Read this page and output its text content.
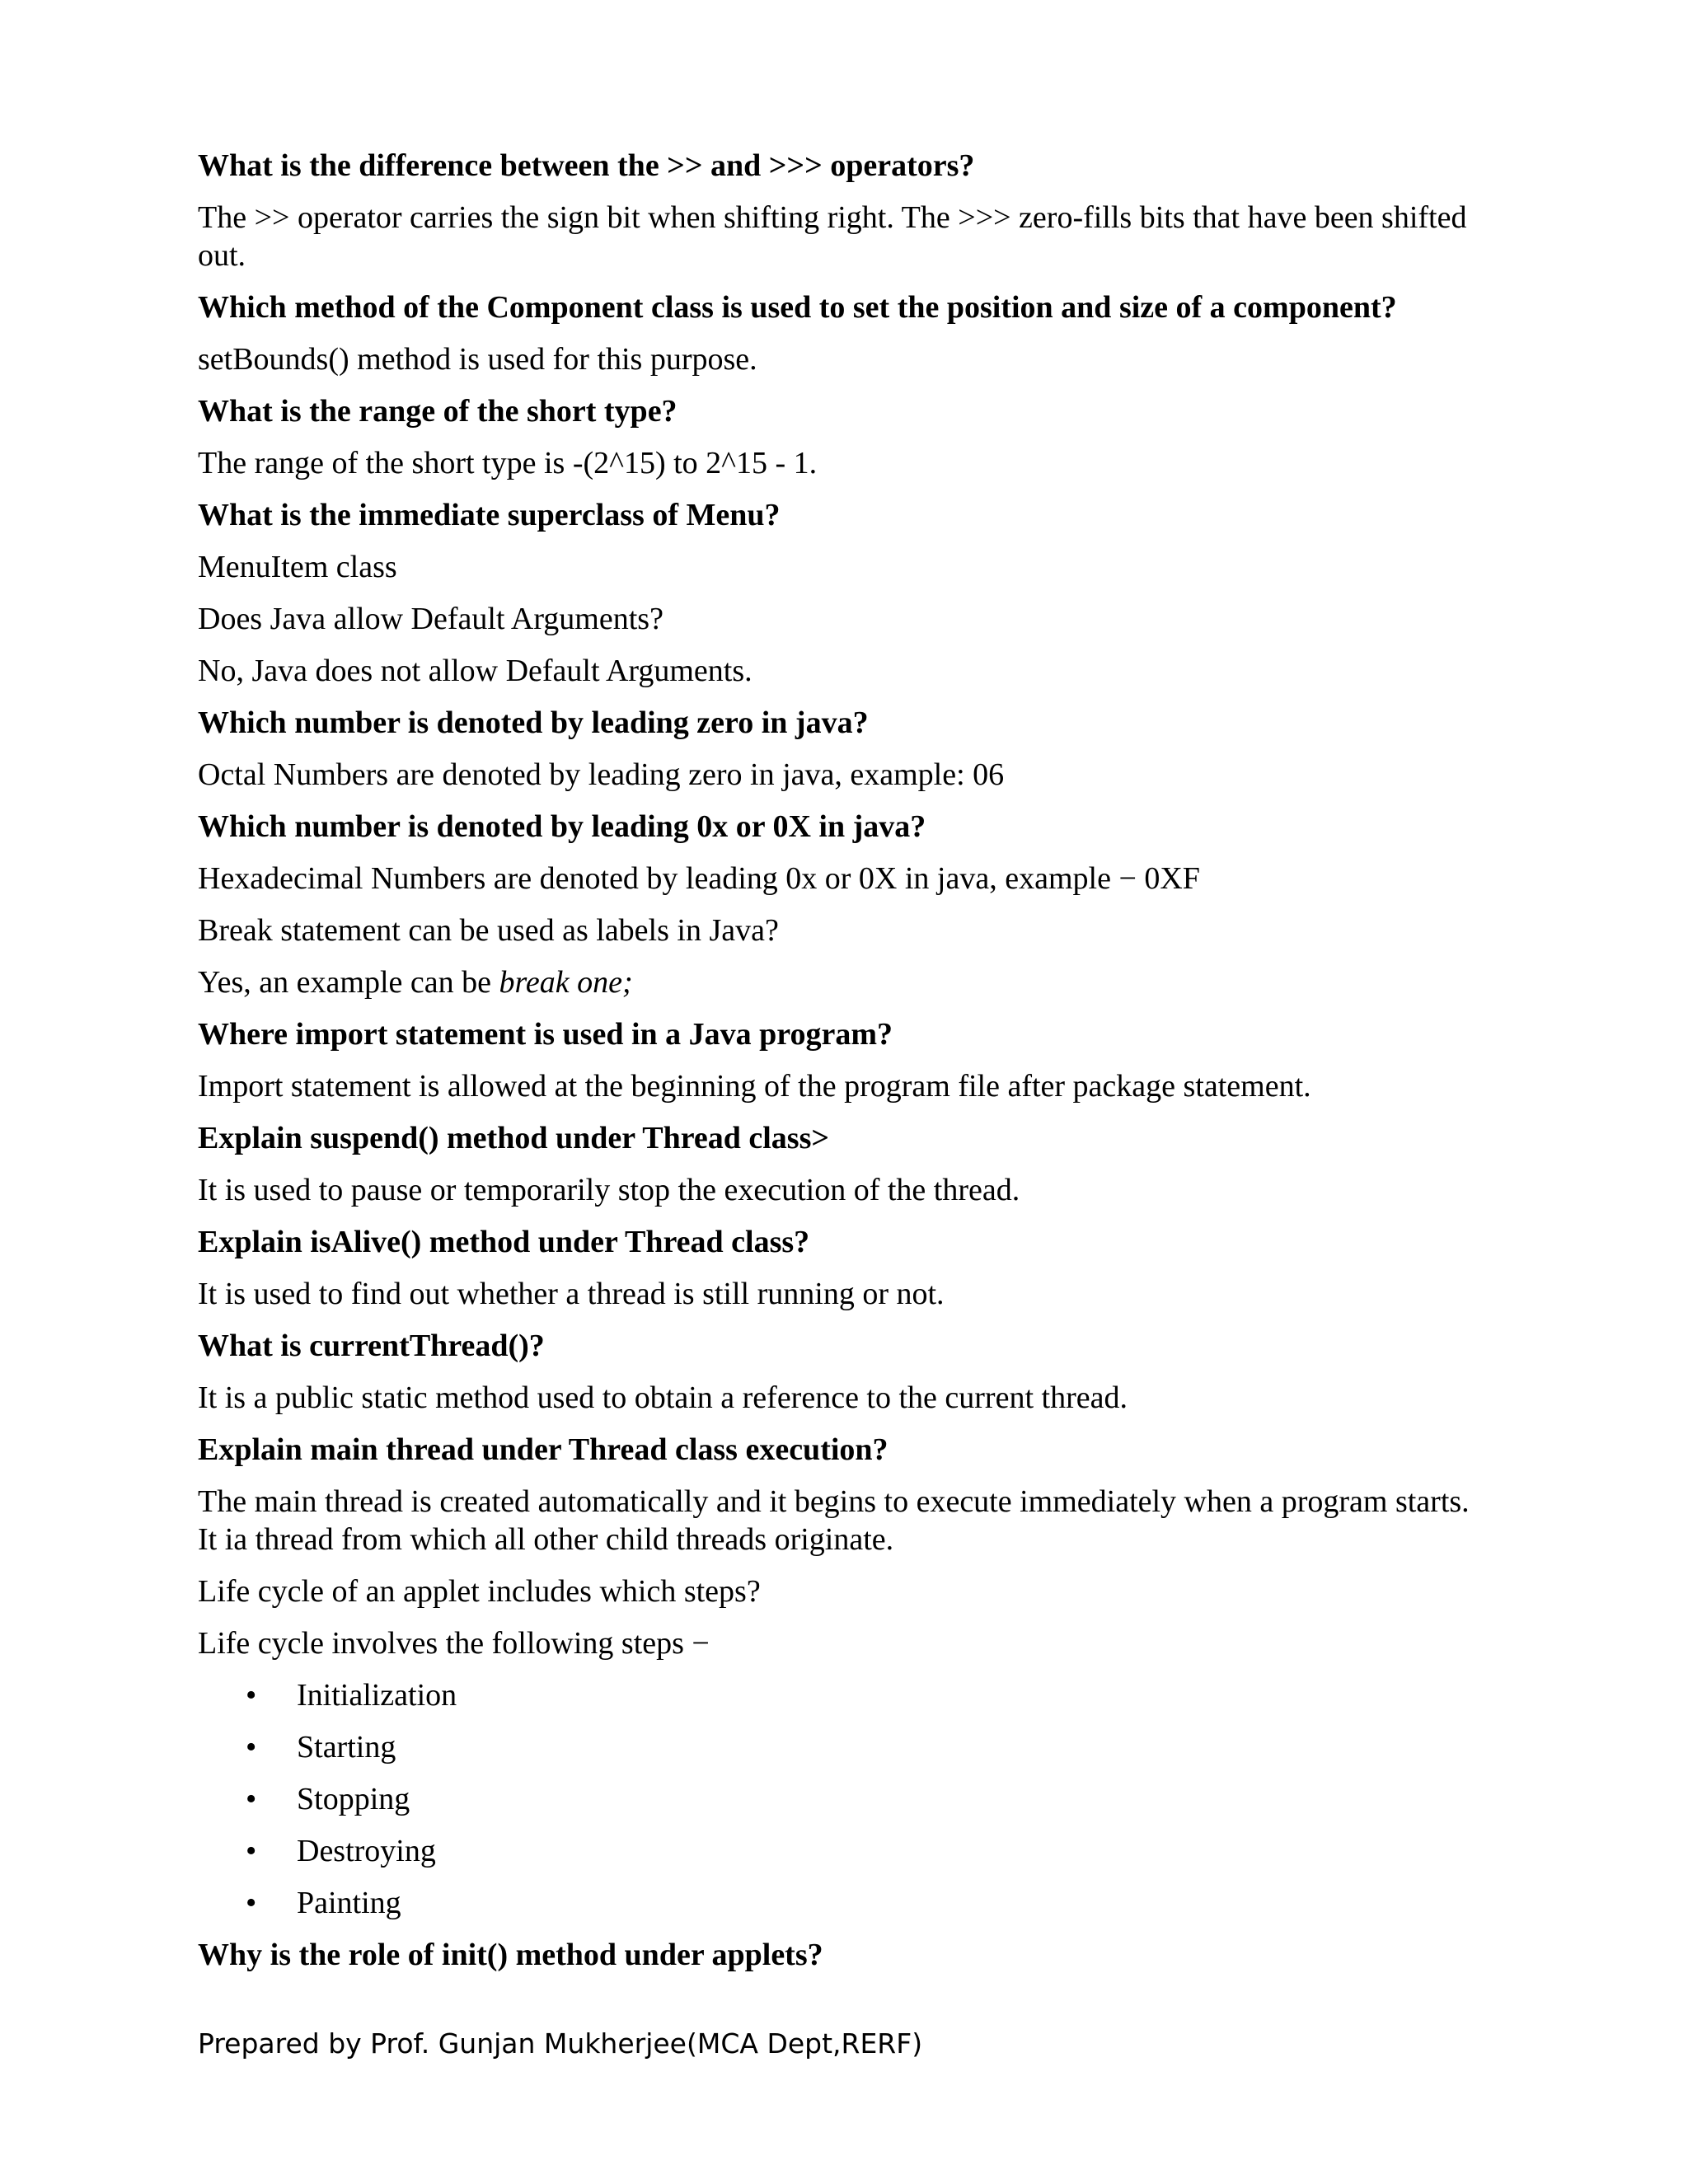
What is the difference between the >> and >>> operators?

The >> operator carries the sign bit when shifting right. The >>> zero-fills bits that have been shifted out.

Which method of the Component class is used to set the position and size of a component?

setBounds() method is used for this purpose.

What is the range of the short type?

The range of the short type is -(2^15) to 2^15 - 1.

What is the immediate superclass of Menu?

MenuItem class

Does Java allow Default Arguments?

No, Java does not allow Default Arguments.

Which number is denoted by leading zero in java?

Octal Numbers are denoted by leading zero in java, example: 06

Which number is denoted by leading 0x or 0X in java?

Hexadecimal Numbers are denoted by leading 0x or 0X in java, example − 0XF

Break statement can be used as labels in Java?

Yes, an example can be break one;

Where import statement is used in a Java program?

Import statement is allowed at the beginning of the program file after package statement.

Explain suspend() method under Thread class>

It is used to pause or temporarily stop the execution of the thread.

Explain isAlive() method under Thread class?

It is used to find out whether a thread is still running or not.

What is currentThread()?

It is a public static method used to obtain a reference to the current thread.

Explain main thread under Thread class execution?

The main thread is created automatically and it begins to execute immediately when a program starts. It ia thread from which all other child threads originate.

Life cycle of an applet includes which steps?

Life cycle involves the following steps −

• Initialization
• Starting
• Stopping
• Destroying
• Painting

Why is the role of init() method under applets?

Prepared by Prof. Gunjan Mukherjee(MCA Dept,RERF)
